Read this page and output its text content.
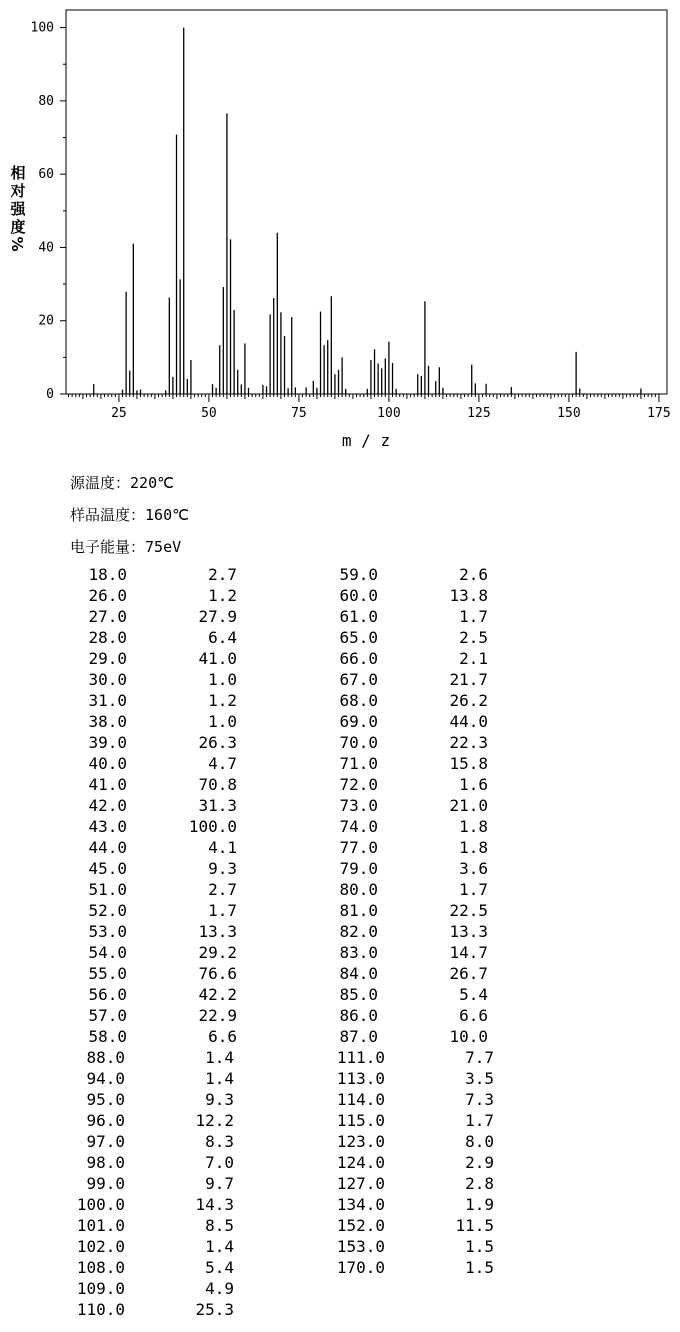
0
20
40
60
80
100
25	50	75	100	125	150	175
相
对
强
度
%
m / z
源温度：220℃
样品温度：160℃
电子能量：75eV
18.0	2.7
26.0	1.2
27.0	27.9
28.0	6.4
29.0	41.0
30.0	1.0
31.0	1.2
38.0	1.0
39.0	26.3
40.0	4.7
41.0	70.8
42.0	31.3
43.0	100.0
44.0	4.1
45.0	9.3
51.0	2.7
52.0	1.7
53.0	13.3
54.0	29.2
55.0	76.6
56.0	42.2
57.0	22.9
58.0	6.6
59.0	2.6
60.0	13.8
61.0	1.7
65.0	2.5
66.0	2.1
67.0	21.7
68.0	26.2
69.0	44.0
70.0	22.3
71.0	15.8
72.0	1.6
73.0	21.0
74.0	1.8
77.0	1.8
79.0	3.6
80.0	1.7
81.0	22.5
82.0	13.3
83.0	14.7
84.0	26.7
85.0	5.4
86.0	6.6
87.0	10.0
88.0	1.4
94.0	1.4
95.0	9.3
96.0	12.2
97.0	8.3
98.0	7.0
99.0	9.7
100.0	14.3
101.0	8.5
102.0	1.4
108.0	5.4
109.0	4.9
110.0	25.3
111.0	7.7
113.0	3.5
114.0	7.3
115.0	1.7
123.0	8.0
124.0	2.9
127.0	2.8
134.0	1.9
152.0	11.5
153.0	1.5
170.0	1.5
